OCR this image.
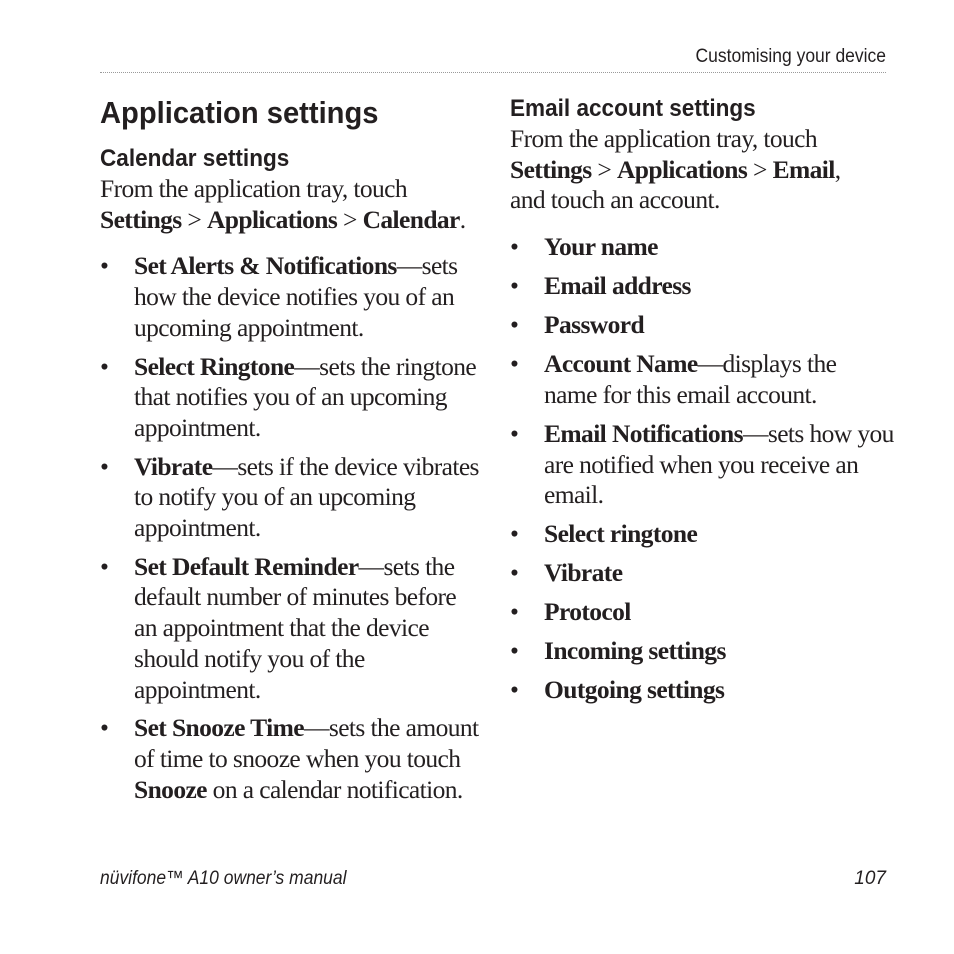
Customising your device
Application settings
Calendar settings

From the application tray, touch
Settings > Applications > Calendar.

• Set Alerts & Notifications—sets how the device notifies you of an upcoming appointment.
• Select Ringtone—sets the ringtone that notifies you of an upcoming appointment.
• Vibrate—sets if the device vibrates to notify you of an upcoming appointment.
• Set Default Reminder—sets the default number of minutes before an appointment that the device should notify you of the appointment.
• Set Snooze Time—sets the amount of time to snooze when you touch Snooze on a calendar notification.
Email account settings

From the application tray, touch
Settings > Applications > Email,
and touch an account.

• Your name
• Email address
• Password
• Account Name—displays the name for this email account.
• Email Notifications—sets how you are notified when you receive an email.
• Select ringtone
• Vibrate
• Protocol
• Incoming settings
• Outgoing settings
nüvifone™ A10 owner’s manual	107
